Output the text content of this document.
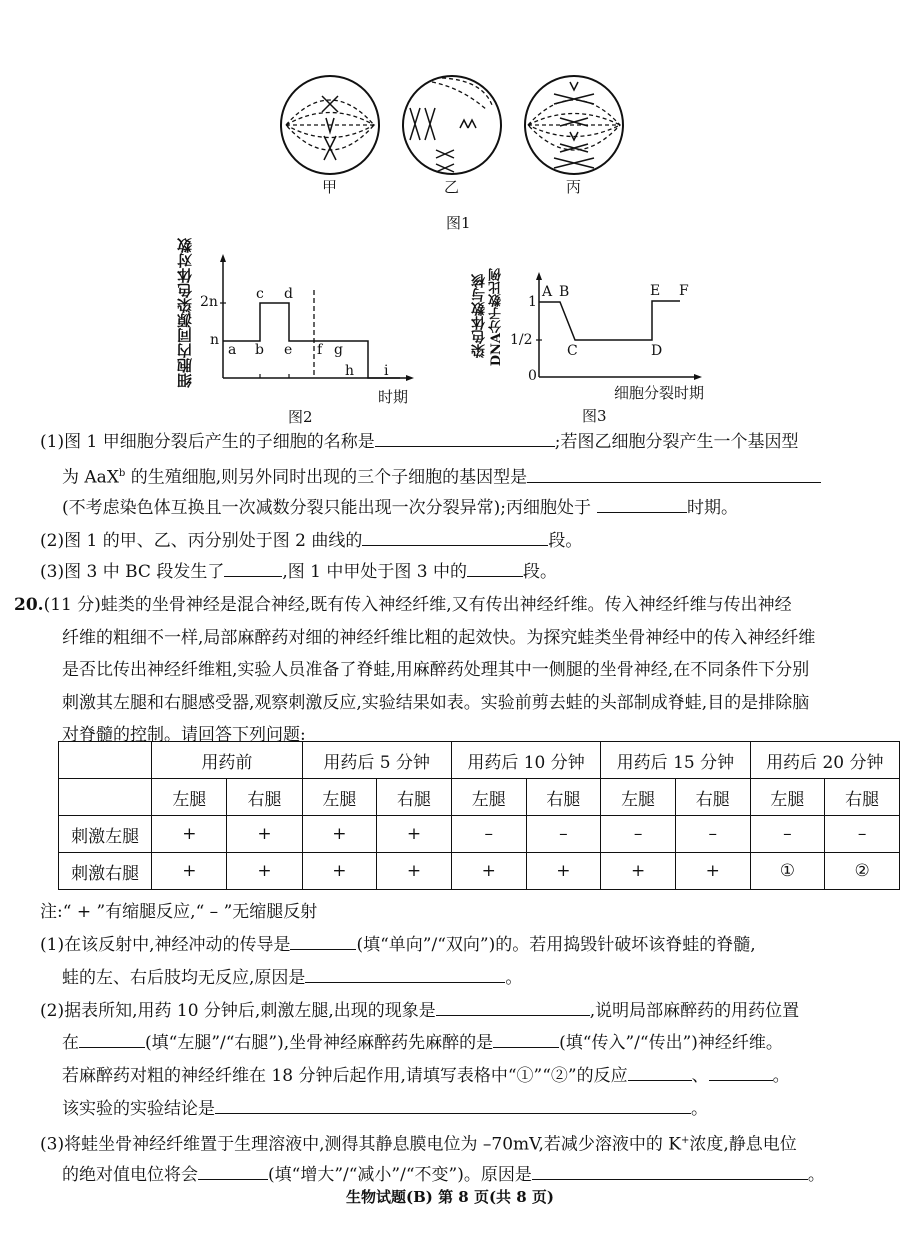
甲	乙	丙
图1
细胞内同源染色体对数 2n
n
a b
c d
e f g
h i
时期
图2
染色体数与核 DNA分子数比例 1
1/2
0
A B
C	D
E F
细胞分裂时期
图3
(1)图 1 甲细胞分裂后产生的子细胞的名称是	;若图乙细胞分裂产生一个基因型
为 AaX$^b$ 的生殖细胞,则另外同时出现的三个子细胞的基因型是
(不考虑染色体互换且一次减数分裂只能出现一次分裂异常);丙细胞处于	时期。
(2)图 1 的甲、乙、丙分别处于图 2 曲线的	段。
(3)图 3 中 BC 段发生了	,图 1 中甲处于图 3 中的	段。
20.(11 分)蛙类的坐骨神经是混合神经,既有传入神经纤维,又有传出神经纤维。传入神经纤维与传出神经
纤维的粗细不一样,局部麻醉药对细的神经纤维比粗的起效快。为探究蛙类坐骨神经中的传入神经纤维
是否比传出神经纤维粗,实验人员准备了脊蛙,用麻醉药处理其中一侧腿的坐骨神经,在不同条件下分别
刺激其左腿和右腿感受器,观察刺激反应,实验结果如表。实验前剪去蛙的头部制成脊蛙,目的是排除脑
对脊髓的控制。请回答下列问题:
	用药前		用药后 5 分钟		用药后 10 分钟		用药后 15 分钟		用药后 20 分钟	
	左腿	右腿	左腿	右腿	左腿	右腿	左腿	右腿	左腿	右腿
刺激左腿	+	+	+	+	–	–	–	–	–	–
刺激右腿	+	+	+	+	+	+	+	+	①	②
注:“ + ”有缩腿反应,“ – ”无缩腿反射
(1)在该反射中,神经冲动的传导是	(填“单向”/“双向”)的。若用捣毁针破坏该脊蛙的脊髓,
蛙的左、右后肢均无反应,原因是	。
(2)据表所知,用药 10 分钟后,刺激左腿,出现的现象是	,说明局部麻醉药的用药位置
在	(填“左腿”/“右腿”),坐骨神经麻醉药先麻醉的是	(填“传入”/“传出”)神经纤维。
若麻醉药对粗的神经纤维在 18 分钟后起作用,请填写表格中“①”“②”的反应	、	。
该实验的实验结论是	。
(3)将蛙坐骨神经纤维置于生理溶液中,测得其静息膜电位为 –70mV,若减少溶液中的 K+浓度,静息电位
的绝对值电位将会	(填“增大”/“减小”/“不变”)。原因是	。
生物试题(B) 第 8 页(共 8 页)
